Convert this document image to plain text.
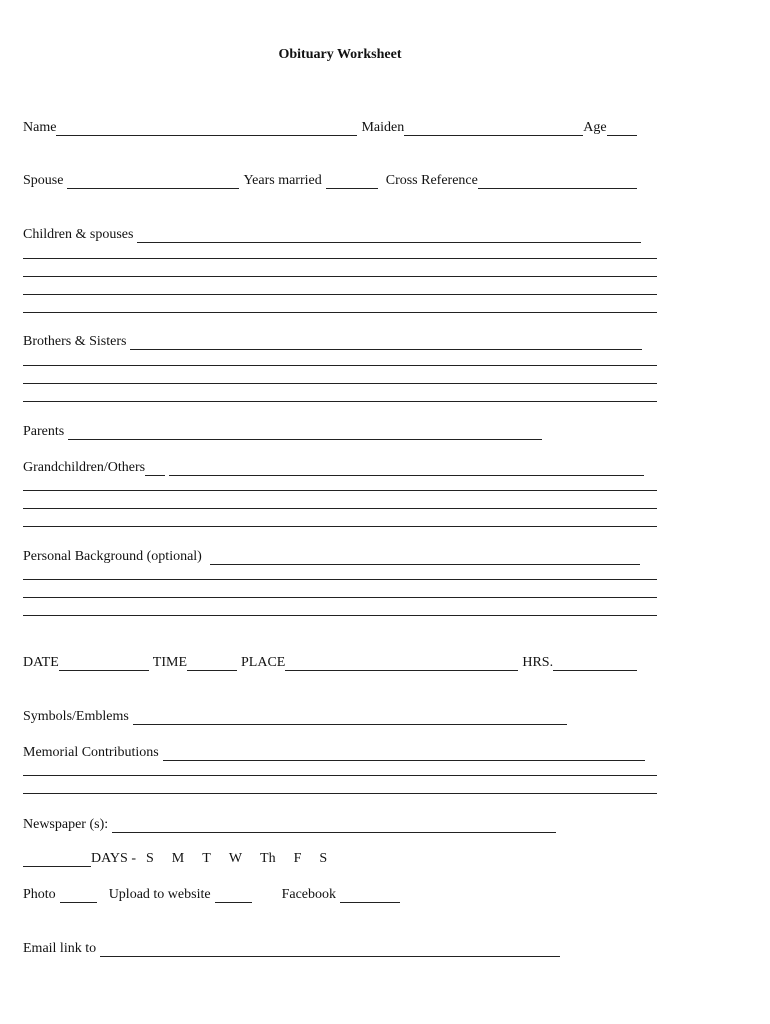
Obituary Worksheet
Name	Maiden	Age
Spouse	Years married	Cross Reference
Children & spouses
Brothers & Sisters
Parents
Grandchildren/Others
Personal Background (optional)
DATE	TIME	PLACE	HRS.
Symbols/Emblems
Memorial Contributions
Newspaper (s):
DAYS - S M T W Th F S
Photo	Upload to website	Facebook
Email link to
